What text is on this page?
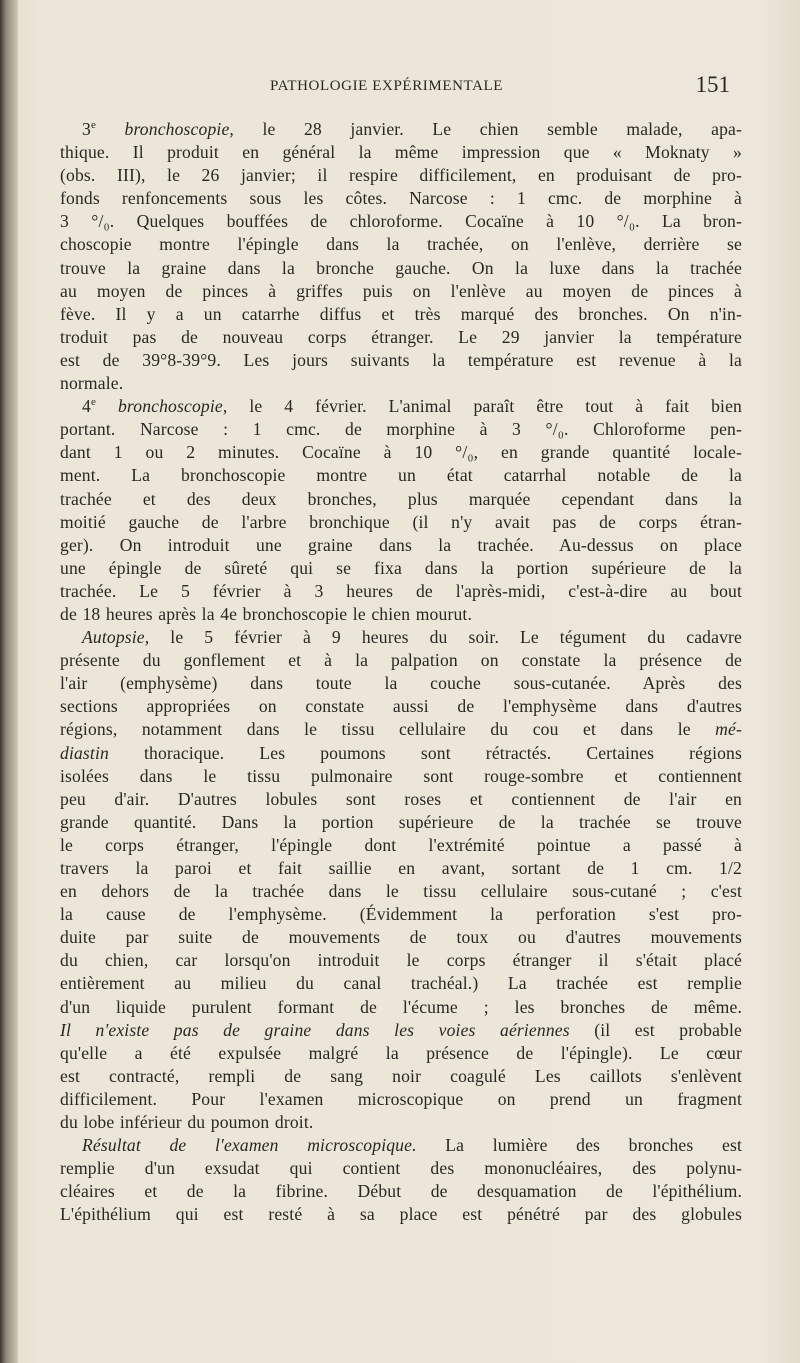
PATHOLOGIE EXPÉRIMENTALE	151

3e bronchoscopie, le 28 janvier. Le chien semble malade, apa-
thique. Il produit en général la même impression que « Moknaty »
(obs. III), le 26 janvier; il respire difficilement, en produisant de pro-
fonds renfoncements sous les côtes. Narcose : 1 cmc. de morphine à
3 °/₀. Quelques bouffées de chloroforme. Cocaïne à 10 °/₀. La bron-
choscopie montre l'épingle dans la trachée, on l'enlève, derrière se
trouve la graine dans la bronche gauche. On la luxe dans la trachée
au moyen de pinces à griffes puis on l'enlève au moyen de pinces à
fève. Il y a un catarrhe diffus et très marqué des bronches. On n'in-
troduit pas de nouveau corps étranger. Le 29 janvier la température
est de 39°8-39°9. Les jours suivants la température est revenue à la
normale.

4e bronchoscopie, le 4 février. L'animal paraît être tout à fait bien
portant. Narcose : 1 cmc. de morphine à 3 °/₀. Chloroforme pen-
dant 1 ou 2 minutes. Cocaïne à 10 °/₀, en grande quantité locale-
ment. La bronchoscopie montre un état catarrhal notable de la
trachée et des deux bronches, plus marquée cependant dans la
moitié gauche de l'arbre bronchique (il n'y avait pas de corps étran-
ger). On introduit une graine dans la trachée. Au-dessus on place
une épingle de sûreté qui se fixa dans la portion supérieure de la
trachée. Le 5 février à 3 heures de l'après-midi, c'est-à-dire au bout
de 18 heures après la 4e bronchoscopie le chien mourut.

Autopsie, le 5 février à 9 heures du soir. Le tégument du cadavre
présente du gonflement et à la palpation on constate la présence de
l'air (emphysème) dans toute la couche sous-cutanée. Après des
sections appropriées on constate aussi de l'emphysème dans d'autres
régions, notamment dans le tissu cellulaire du cou et dans le mé-
diastin thoracique. Les poumons sont rétractés. Certaines régions
isolées dans le tissu pulmonaire sont rouge-sombre et contiennent
peu d'air. D'autres lobules sont roses et contiennent de l'air en
grande quantité. Dans la portion supérieure de la trachée se trouve
le corps étranger, l'épingle dont l'extrémité pointue a passé à
travers la paroi et fait saillie en avant, sortant de 1 cm. 1/2
en dehors de la trachée dans le tissu cellulaire sous-cutané ; c'est
la cause de l'emphysème. (Évidemment la perforation s'est pro-
duite par suite de mouvements de toux ou d'autres mouvements
du chien, car lorsqu'on introduit le corps étranger il s'était placé
entièrement au milieu du canal trachéal.) La trachée est remplie
d'un liquide purulent formant de l'écume ; les bronches de même.
Il n'existe pas de graine dans les voies aériennes (il est probable
qu'elle a été expulsée malgré la présence de l'épingle). Le cœur
est contracté, rempli de sang noir coagulé Les caillots s'enlèvent
difficilement. Pour l'examen microscopique on prend un fragment
du lobe inférieur du poumon droit.

Résultat de l'examen microscopique. La lumière des bronches est
remplie d'un exsudat qui contient des mononucléaires, des polynu-
cléaires et de la fibrine. Début de desquamation de l'épithélium.
L'épithélium qui est resté à sa place est pénétré par des globules
